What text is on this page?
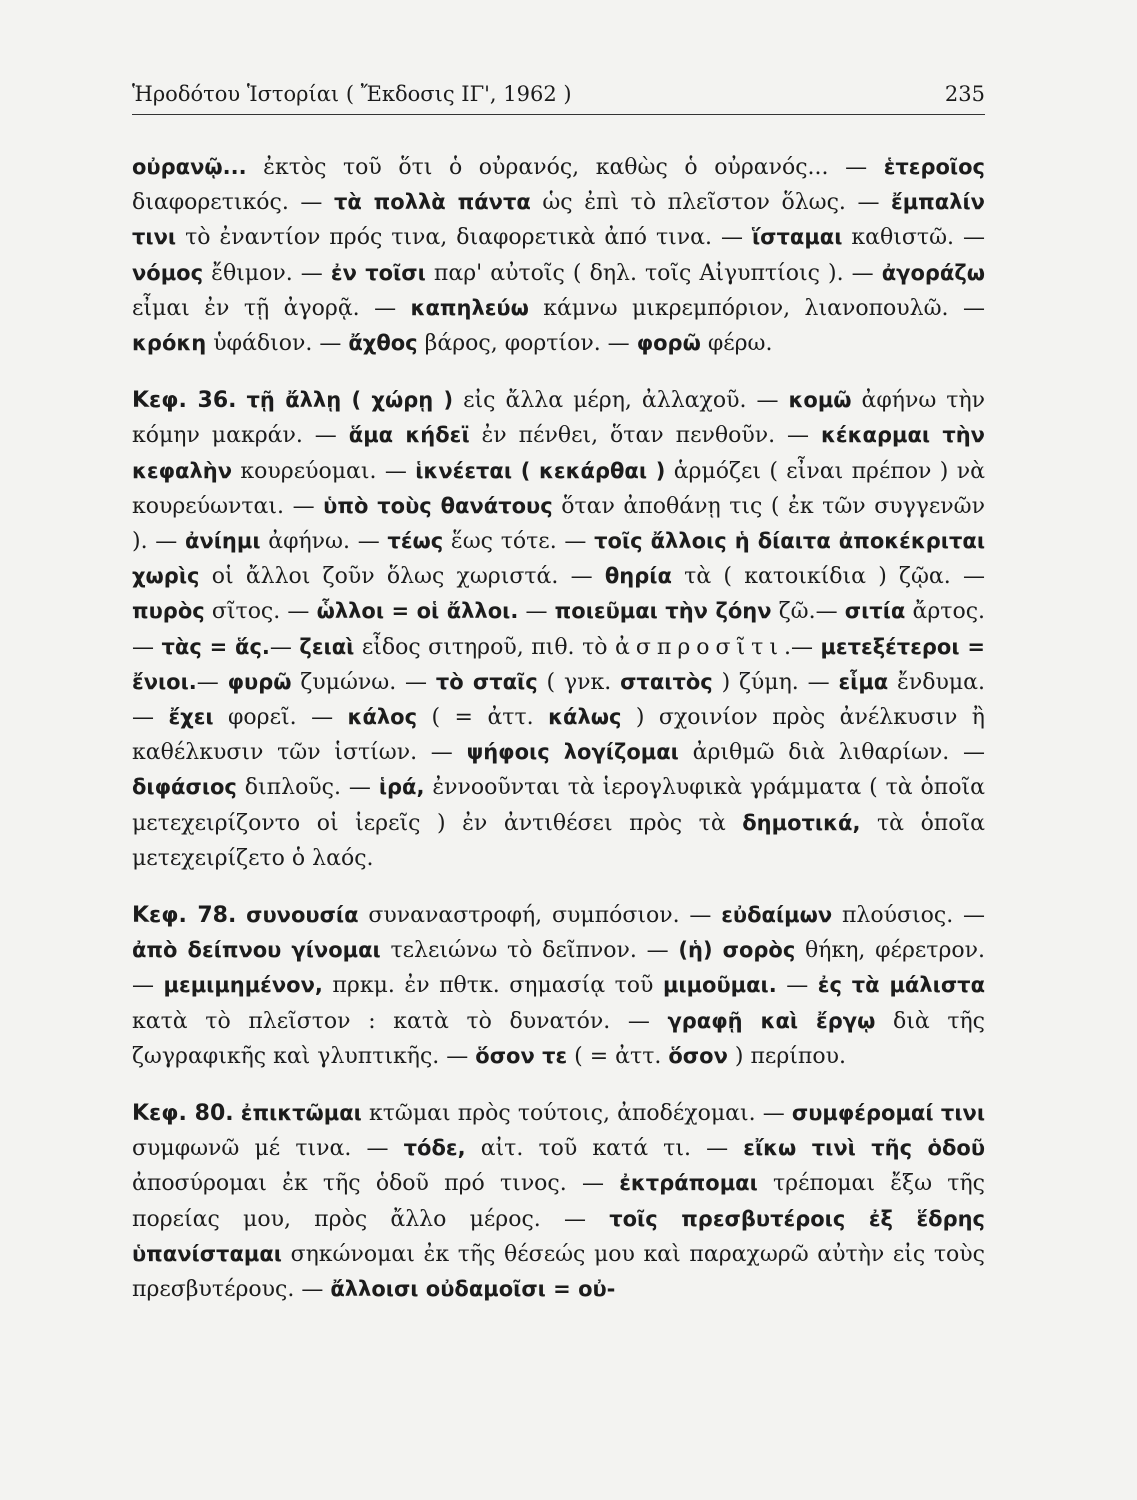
Ἡροδότου Ἱστορίαι ( Ἔκδοσις ΙΓ', 1962 )	235

οὐρανῷ... ἐκτὸς τοῦ ὅτι ὁ οὐρανός, καθὼς ὁ οὐρανός... — ἑτεροῖος διαφορετικός. — τὰ πολλὰ πάντα ὡς ἐπὶ τὸ πλεῖστον ὅλως. — ἔμπαλίν τινι τὸ ἐναντίον πρός τινα, διαφορετικὰ ἀπό τινα. — ἵσταμαι καθιστῶ. — νόμος ἔθιμον. — ἐν τοῖσι παρ' αὐτοῖς ( δηλ. τοῖς Αἰγυπτίοις ). — ἀγοράζω εἶμαι ἐν τῇ ἀγορᾷ. — καπηλεύω κάμνω μικρεμπόριον, λιανοπουλῶ. — κρόκη ὑφάδιον. — ἄχθος βάρος, φορτίον. — φορῶ φέρω.

Κεφ. 36. τῇ ἄλλῃ ( χώρῃ ) εἰς ἄλλα μέρη, ἀλλαχοῦ. — κομῶ ἀφήνω τὴν κόμην μακράν. — ἅμα κήδεϊ ἐν πένθει, ὅταν πενθοῦν. — κέκαρμαι τὴν κεφαλὴν κουρεύομαι. — ἱκνέεται ( κεκάρθαι ) ἁρμόζει ( εἶναι πρέπον ) νὰ κουρεύωνται. — ὑπὸ τοὺς θανάτους ὅταν ἀποθάνῃ τις ( ἐκ τῶν συγγενῶν ). — ἀνίημι ἀφήνω. — τέως ἕως τότε. — τοῖς ἄλλοις ἡ δίαιτα ἀποκέκριται χωρὶς οἱ ἄλλοι ζοῦν ὅλως χωριστά. — θηρία τὰ ( κατοικίδια ) ζῷα. — πυρὸς σῖτος. — ὧλλοι = οἱ ἄλλοι. — ποιεῦμαι τὴν ζόην ζῶ.— σιτία ἄρτος.— τὰς = ἅς.— ζειαὶ εἶδος σιτηροῦ, πιθ. τὸ ἀσπροσῖτι.— μετεξέτεροι = ἔνιοι.— φυρῶ ζυμώνω. — τὸ σταῖς ( γνκ. σταιτὸς ) ζύμη. — εἷμα ἔνδυμα. — ἔχει φορεῖ. — κάλος ( = ἀττ. κάλως ) σχοινίον πρὸς ἀνέλκυσιν ἢ καθέλκυσιν τῶν ἱστίων. — ψήφοις λογίζομαι ἀριθμῶ διὰ λιθαρίων. — διφάσιος διπλοῦς. — ἱρά, ἐννοοῦνται τὰ ἱερογλυφικὰ γράμματα ( τὰ ὁποῖα μετεχειρίζοντο οἱ ἱερεῖς ) ἐν ἀντιθέσει πρὸς τὰ δημοτικά, τὰ ὁποῖα μετεχειρίζετο ὁ λαός.

Κεφ. 78. συνουσία συναναστροφή, συμπόσιον. — εὐδαίμων πλούσιος. — ἀπὸ δείπνου γίνομαι τελειώνω τὸ δεῖπνον. — (ἡ) σορὸς θήκη, φέρετρον. — μεμιμημένον, πρκμ. ἐν πθτκ. σημασίᾳ τοῦ μιμοῦμαι. — ἐς τὰ μάλιστα κατὰ τὸ πλεῖστον : κατὰ τὸ δυνατόν. — γραφῇ καὶ ἔργῳ διὰ τῆς ζωγραφικῆς καὶ γλυπτικῆς. — ὅσον τε ( = ἀττ. ὅσον ) περίπου.

Κεφ. 80. ἐπικτῶμαι κτῶμαι πρὸς τούτοις, ἀποδέχομαι. — συμφέρομαί τινι συμφωνῶ μέ τινα. — τόδε, αἰτ. τοῦ κατά τι. — εἴκω τινὶ τῆς ὁδοῦ ἀποσύρομαι ἐκ τῆς ὁδοῦ πρό τινος. — ἐκτράπομαι τρέπομαι ἔξω τῆς πορείας μου, πρὸς ἄλλο μέρος. — τοῖς πρεσβυτέροις ἐξ ἕδρης ὑπανίσταμαι σηκώνομαι ἐκ τῆς θέσεώς μου καὶ παραχωρῶ αὐτὴν εἰς τοὺς πρεσβυτέρους. — ἄλλοισι οὐδαμοῖσι = οὐ-
